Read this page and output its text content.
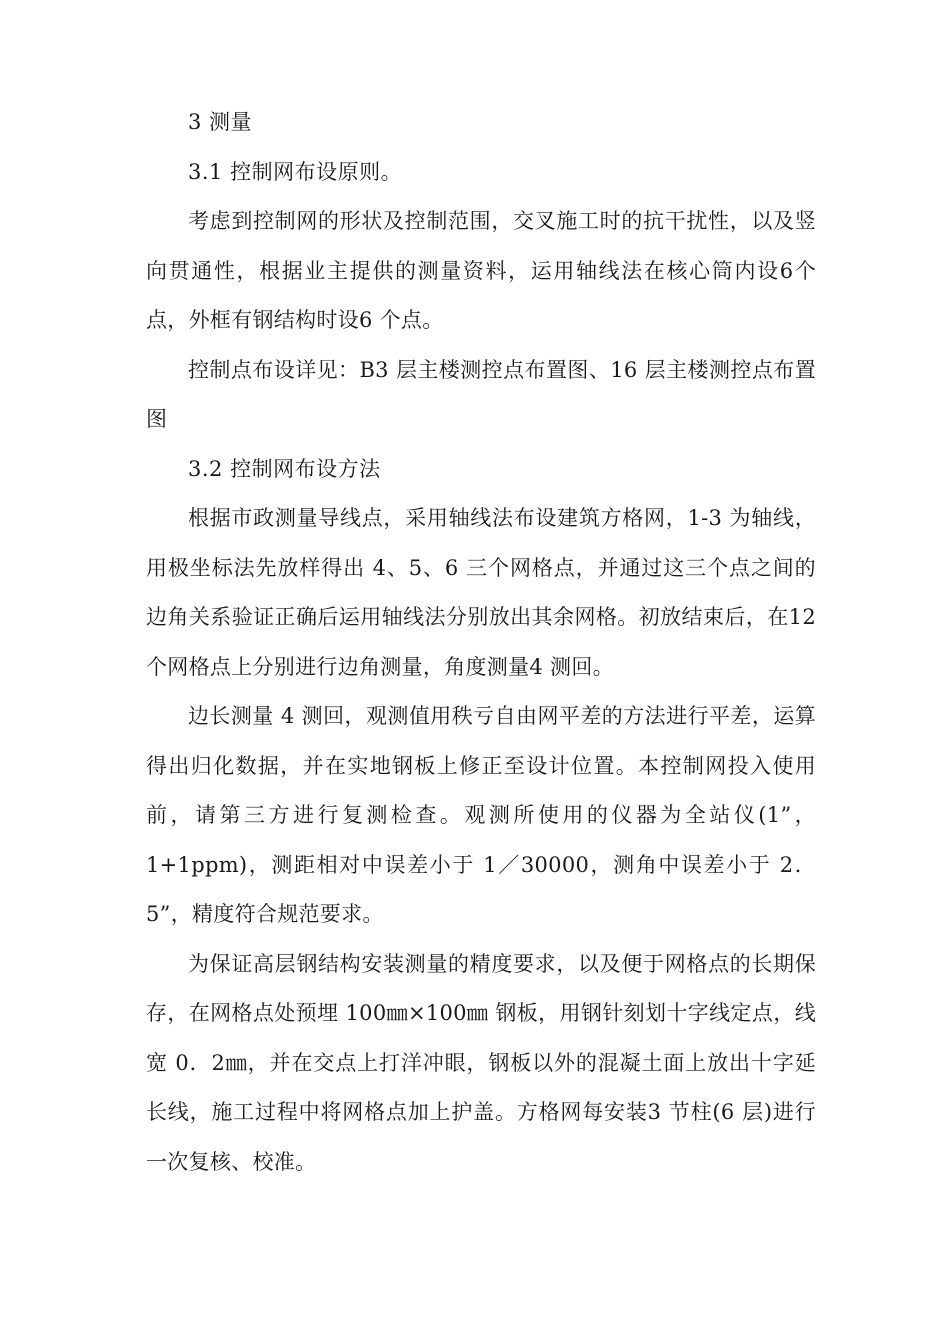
3 测量

3.1 控制网布设原则。

考虑到控制网的形状及控制范围，交叉施工时的抗干扰性，以及竖向贯通性，根据业主提供的测量资料，运用轴线法在核心筒内设6个点，外框有钢结构时设6 个点。

控制点布设详见：B3 层主楼测控点布置图、16 层主楼测控点布置图

3.2 控制网布设方法

根据市政测量导线点，采用轴线法布设建筑方格网，1-3 为轴线，用极坐标法先放样得出 4、5、6 三个网格点，并通过这三个点之间的边角关系验证正确后运用轴线法分别放出其余网格。初放结束后，在12 个网格点上分别进行边角测量，角度测量4 测回。

边长测量 4 测回，观测值用秩亏自由网平差的方法进行平差，运算得出归化数据，并在实地钢板上修正至设计位置。本控制网投入使用前，请第三方进行复测检查。观测所使用的仪器为全站仪(1”，1+1ppm)，测距相对中误差小于 1／30000，测角中误差小于 2．5”，精度符合规范要求。

为保证高层钢结构安装测量的精度要求，以及便于网格点的长期保存，在网格点处预埋 100㎜×100㎜ 钢板，用钢针刻划十字线定点，线宽 0．2㎜，并在交点上打洋冲眼，钢板以外的混凝土面上放出十字延长线，施工过程中将网格点加上护盖。方格网每安装3 节柱(6 层)进行一次复核、校准。
